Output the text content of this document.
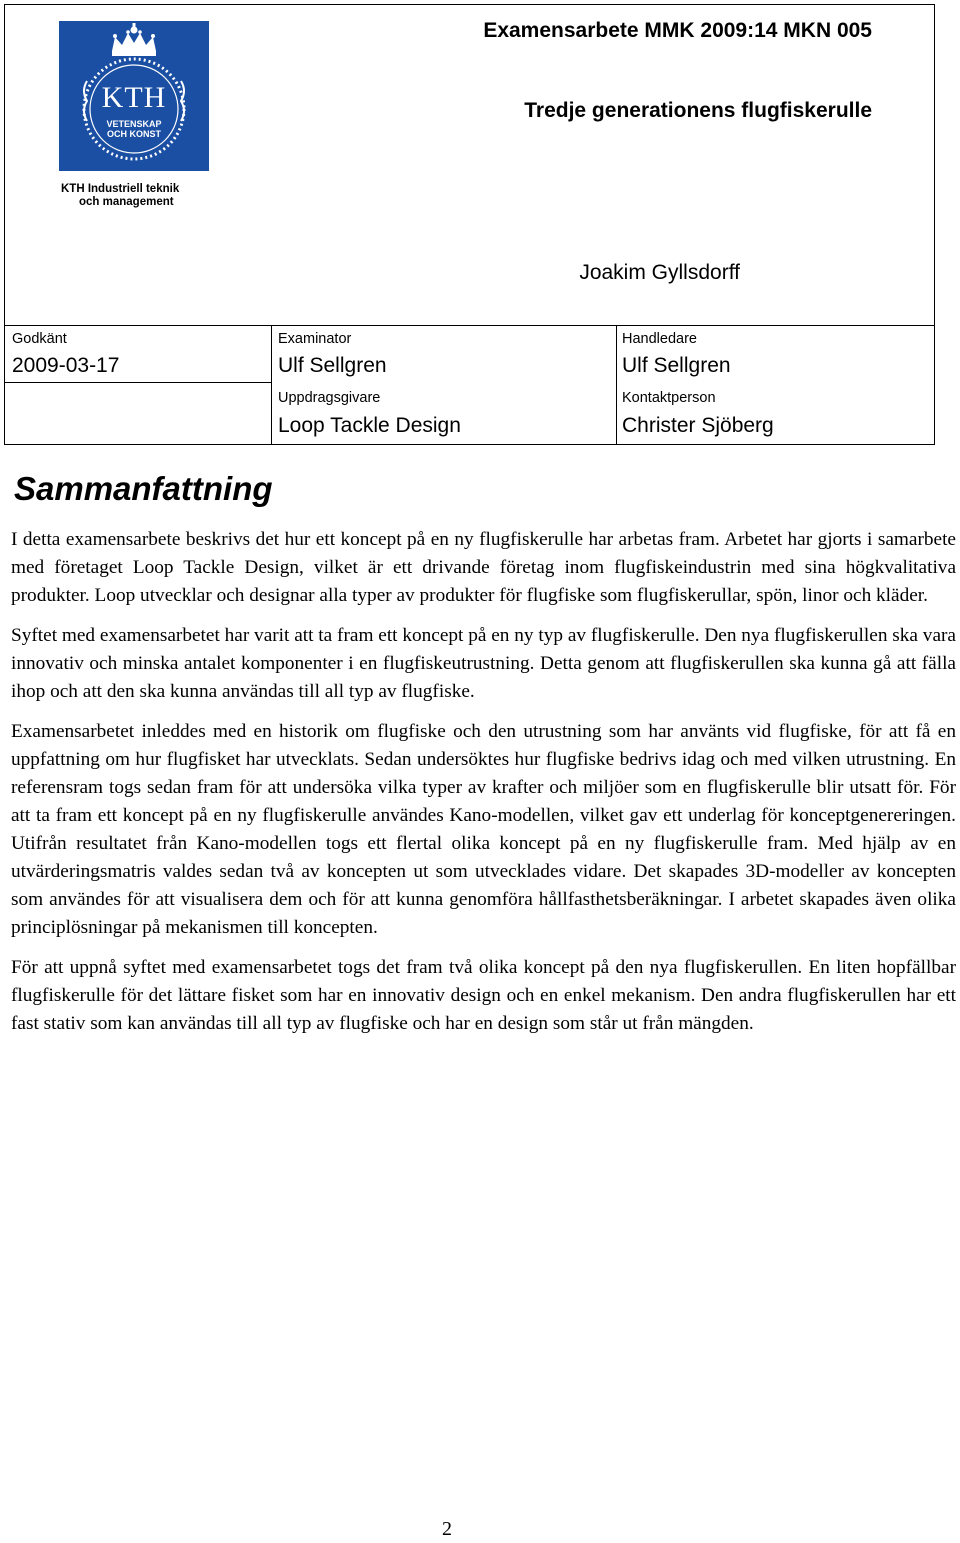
Examensarbete MMK 2009:14 MKN 005
Tredje generationens flugfiskerulle
KTH
VETENSKAP OCH KONST
KTH Industriell teknik
och management
Joakim Gyllsdorff
Godkänt
2009-03-17
Examinator
Ulf Sellgren
Handledare
Ulf Sellgren
Uppdragsgivare
Loop Tackle Design
Kontaktperson
Christer Sjöberg
Sammanfattning

I detta examensarbete beskrivs det hur ett koncept på en ny flugfiskerulle har arbetas fram. Arbetet har gjorts i samarbete med företaget Loop Tackle Design, vilket är ett drivande företag inom flugfiskeindustrin med sina högkvalitativa produkter. Loop utvecklar och designar alla typer av produkter för flugfiske som flugfiskerullar, spön, linor och kläder.

Syftet med examensarbetet har varit att ta fram ett koncept på en ny typ av flugfiskerulle. Den nya flugfiskerullen ska vara innovativ och minska antalet komponenter i en flugfiskeutrustning. Detta genom att flugfiskerullen ska kunna gå att fälla ihop och att den ska kunna användas till all typ av flugfiske.

Examensarbetet inleddes med en historik om flugfiske och den utrustning som har använts vid flugfiske, för att få en uppfattning om hur flugfisket har utvecklats. Sedan undersöktes hur flugfiske bedrivs idag och med vilken utrustning. En referensram togs sedan fram för att undersöka vilka typer av krafter och miljöer som en flugfiskerulle blir utsatt för. För att ta fram ett koncept på en ny flugfiskerulle användes Kano-modellen, vilket gav ett underlag för konceptgenereringen. Utifrån resultatet från Kano-modellen togs ett flertal olika koncept på en ny flugfiskerulle fram. Med hjälp av en utvärderingsmatris valdes sedan två av koncepten ut som utvecklades vidare. Det skapades 3D-modeller av koncepten som användes för att visualisera dem och för att kunna genomföra hållfasthetsberäkningar. I arbetet skapades även olika principlösningar på mekanismen till koncepten.

För att uppnå syftet med examensarbetet togs det fram två olika koncept på den nya flugfiskerullen. En liten hopfällbar flugfiskerulle för det lättare fisket som har en innovativ design och en enkel mekanism. Den andra flugfiskerullen har ett fast stativ som kan användas till all typ av flugfiske och har en design som står ut från mängden.

2
